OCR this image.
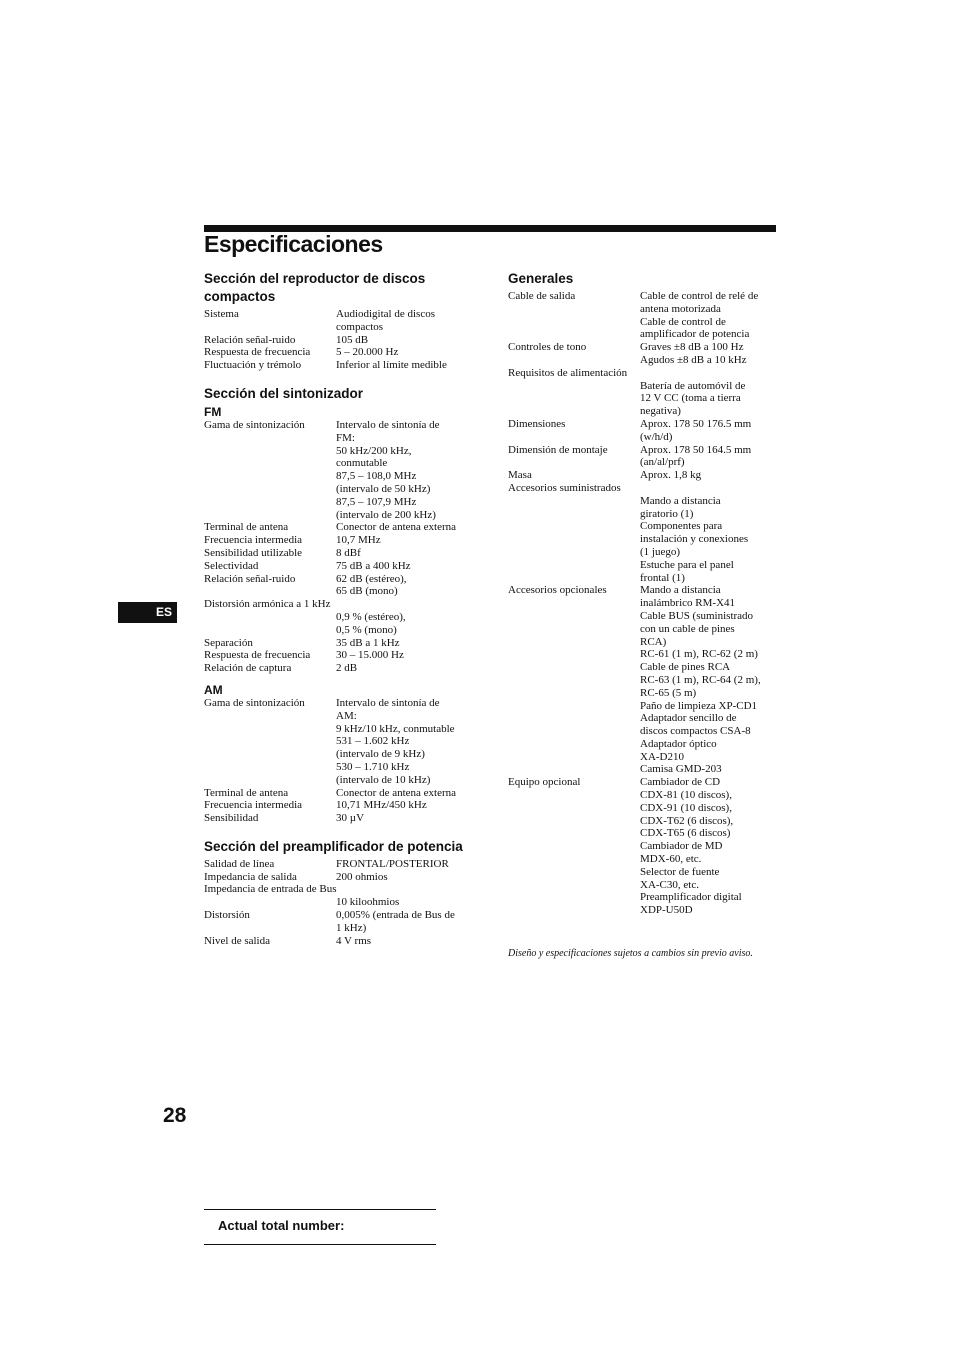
Especificaciones
Sección del reproductor de discos compactos
Sistema	Audiodigital de discos
compactos
Relación señal-ruido	105 dB
Respuesta de frecuencia	5 – 20.000 Hz
Fluctuación y trémolo	Inferior al límite medible
Sección del sintonizador
FM
Gama de sintonización	Intervalo de sintonía de
FM:
50 kHz/200 kHz,
conmutable
87,5 – 108,0 MHz
(intervalo de 50 kHz)
87,5 – 107,9 MHz
(intervalo de 200 kHz)
Terminal de antena	Conector de antena externa
Frecuencia intermedia	10,7 MHz
Sensibilidad utilizable	8 dBf
Selectividad	75 dB a 400 kHz
Relación señal-ruido	62 dB (estéreo),
65 dB (mono)
Distorsión armónica a 1 kHz
0,9 % (estéreo),
0,5 % (mono)
Separación	35 dB a 1 kHz
Respuesta de frecuencia	30 – 15.000 Hz
Relación de captura	2 dB
AM
Gama de sintonización	Intervalo de sintonía de
AM:
9 kHz/10 kHz, conmutable
531 – 1.602 kHz
(intervalo de 9 kHz)
530 – 1.710 kHz
(intervalo de 10 kHz)
Terminal de antena	Conector de antena externa
Frecuencia intermedia	10,71 MHz/450 kHz
Sensibilidad	30 µV
Sección del preamplificador de potencia
Salidad de línea	FRONTAL/POSTERIOR
Impedancia de salida	200 ohmios
Impedancia de entrada de Bus
10 kiloohmios
Distorsión	0,005% (entrada de Bus de
1 kHz)
Nivel de salida	4 V rms
Generales
Cable de salida	Cable de control de relé de
antena motorizada
Cable de control de
amplificador de potencia
Controles de tono	Graves ±8 dB a 100 Hz
Agudos ±8 dB a 10 kHz
Requisitos de alimentación
Batería de automóvil de
12 V CC (toma a tierra
negativa)
Dimensiones	Aprox. 178 50 176.5 mm
(w/h/d)
Dimensión de montaje	Aprox. 178 50 164.5 mm
(an/al/prf)
Masa	Aprox. 1,8 kg
Accesorios suministrados
Mando a distancia
giratorio (1)
Componentes para
instalación y conexiones
(1 juego)
Estuche para el panel
frontal (1)
Accesorios opcionales	Mando a distancia
inalámbrico RM-X41
Cable BUS (suministrado
con un cable de pines
RCA)
RC-61 (1 m), RC-62 (2 m)
Cable de pines RCA
RC-63 (1 m), RC-64 (2 m),
RC-65 (5 m)
Paño de limpieza XP-CD1
Adaptador sencillo de
discos compactos CSA-8
Adaptador óptico
XA-D210
Camisa GMD-203
Equipo opcional	Cambiador de CD
CDX-81 (10 discos),
CDX-91 (10 discos),
CDX-T62 (6 discos),
CDX-T65 (6 discos)
Cambiador de MD
MDX-60, etc.
Selector de fuente
XA-C30, etc.
Preamplificador digital
XDP-U50D
Diseño y especificaciones sujetos a cambios sin previo aviso.
ES
28
Actual total number:
